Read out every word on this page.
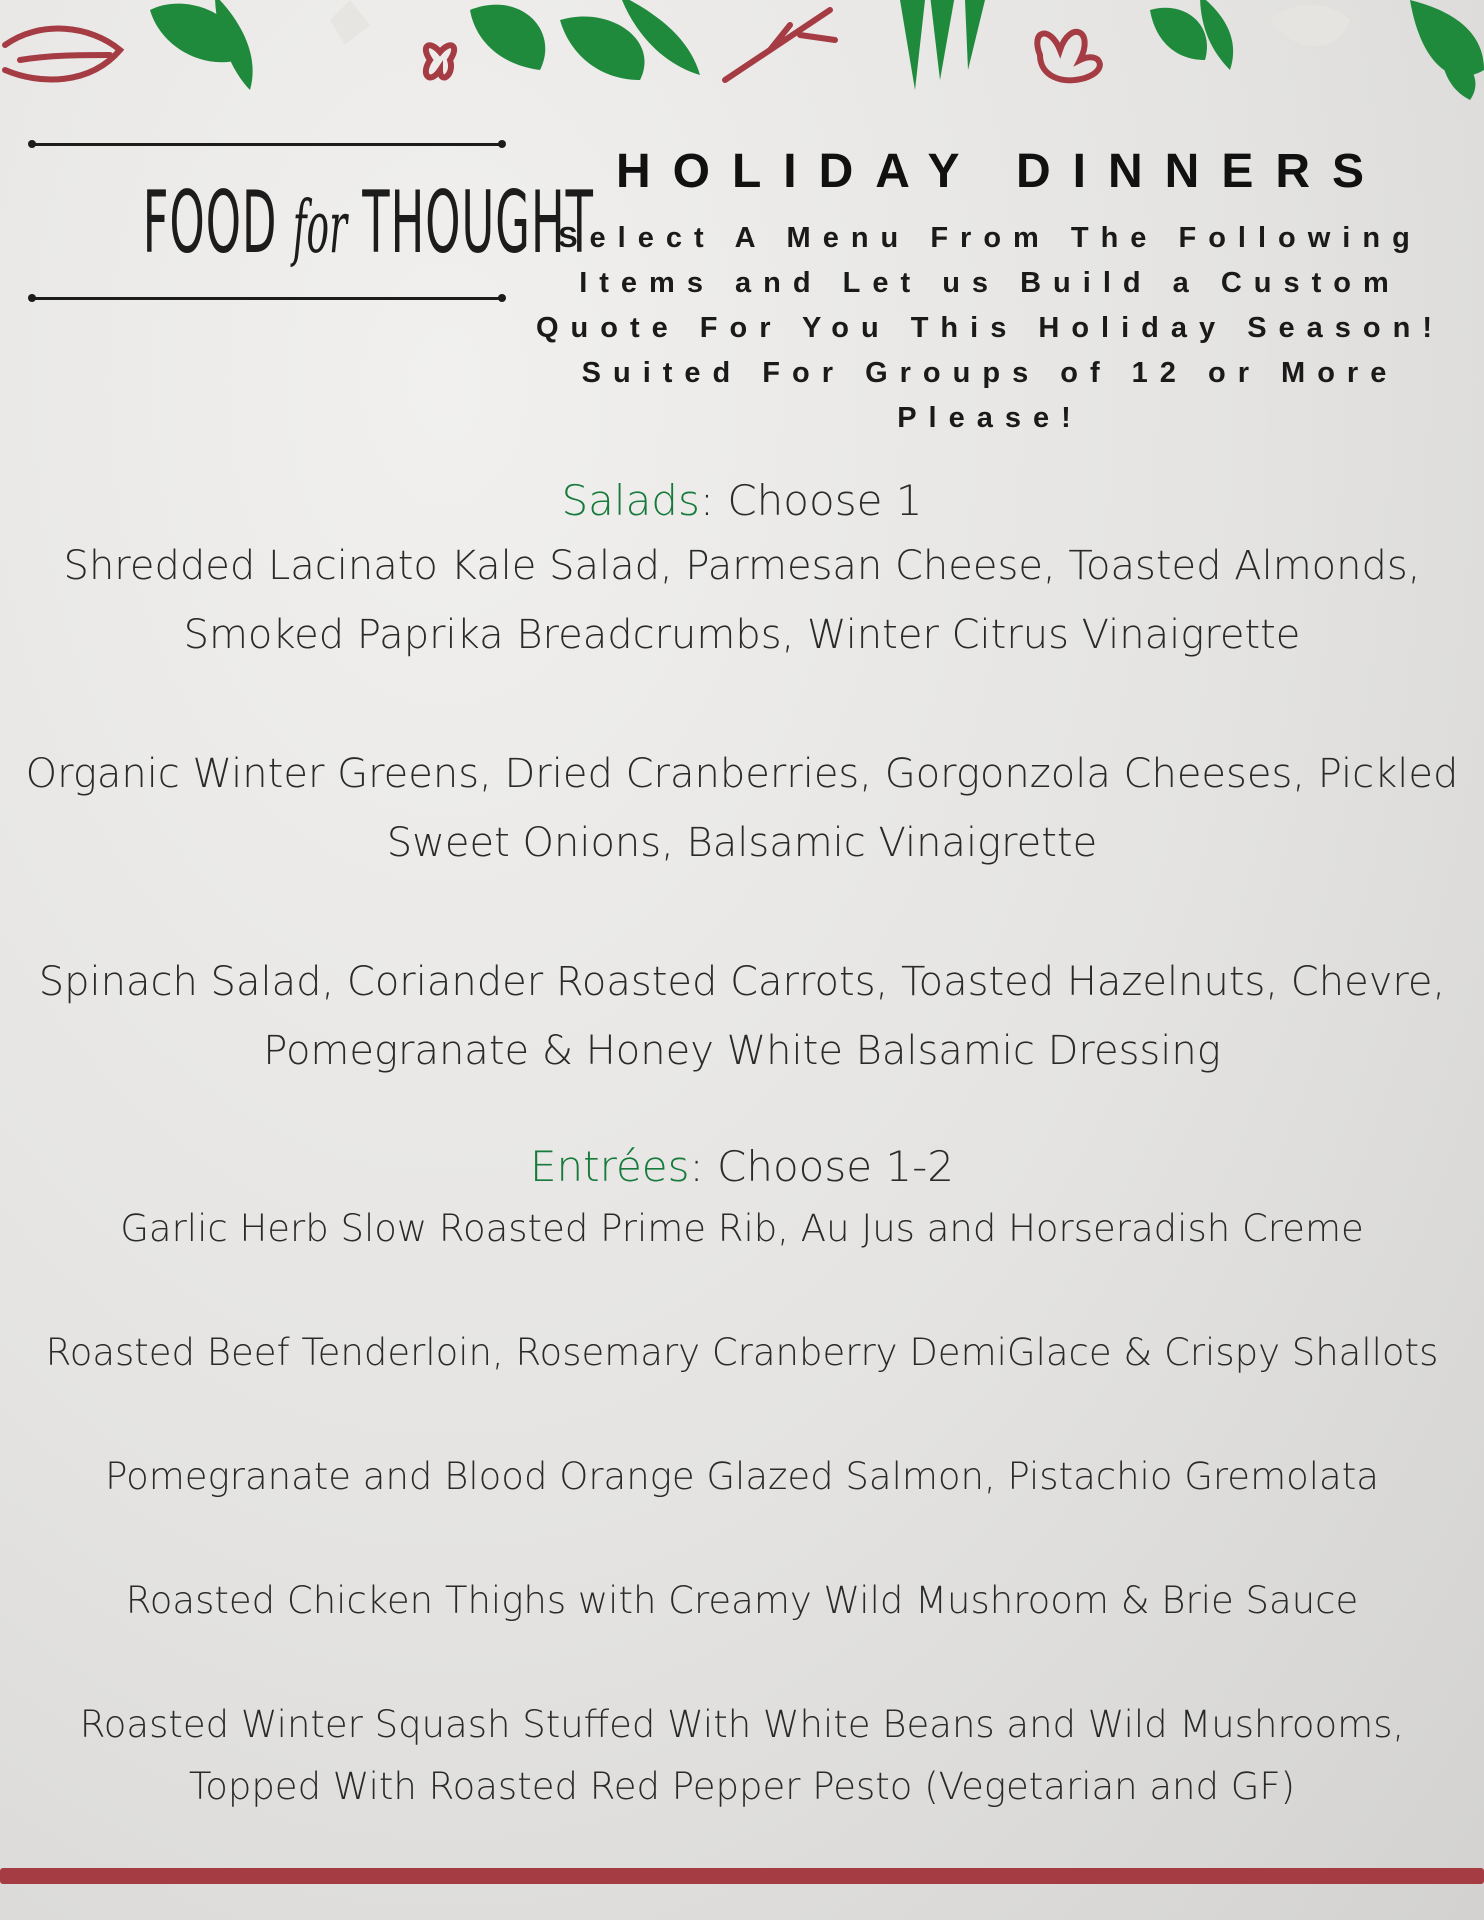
FOOD for THOUGHT
HOLIDAY DINNERS

Select A Menu From The Following Items and Let us Build a Custom Quote For You This Holiday Season! Suited For Groups of 12 or More Please!

Salads: Choose 1

Shredded Lacinato Kale Salad, Parmesan Cheese, Toasted Almonds, Smoked Paprika Breadcrumbs, Winter Citrus Vinaigrette

Organic Winter Greens, Dried Cranberries, Gorgonzola Cheeses, Pickled Sweet Onions, Balsamic Vinaigrette

Spinach Salad, Coriander Roasted Carrots, Toasted Hazelnuts, Chevre, Pomegranate & Honey White Balsamic Dressing

Entrées: Choose 1-2

Garlic Herb Slow Roasted Prime Rib, Au Jus and Horseradish Creme

Roasted Beef Tenderloin, Rosemary Cranberry DemiGlace & Crispy Shallots

Pomegranate and Blood Orange Glazed Salmon, Pistachio Gremolata

Roasted Chicken Thighs with Creamy Wild Mushroom & Brie Sauce

Roasted Winter Squash Stuffed With White Beans and Wild Mushrooms, Topped With Roasted Red Pepper Pesto (Vegetarian and GF)
